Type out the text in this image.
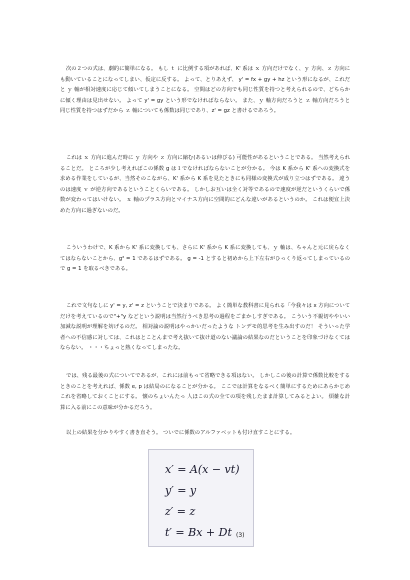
次の２つの式は、劇的に簡単になる。 もし ｔ に比例する項があれば、K' 系は ｘ 方向だけでなく、ｙ 方向、ｚ 方向にも動いていることになってしまい、仮定に反する。 よって、とりあえず、 y' = fx + gy + hz という形になるが、これだと ｙ 軸が相対速度に応じて傾いてしまうことになる。 空間はどの方向でも同じ性質を持つと考えられるので、どちらかに傾く理由は見出せない。 よって y' = gy という形でなければならない。 また、ｙ 軸方向だろうと ｚ 軸方向だろうと同じ性質を持つはずだから ｚ 軸についても係数は同じであり、z' = gz と書けるであろう。

これは ｘ 方向に進んだ時に ｙ 方向や ｚ 方向に縮む(あるいは伸びる) 可能性があるということである。 当然考えられることだ。 ところが少し考えればこの係数 g は１でなければならないことが分かる。 今は K 系から K' 系への変換式を求める作業をしているが、当然そのこながら、K' 系から K 系を見たときにも同様の変換式が成り立つはずである。 違うのは速度 ｖ が逆方向であるということくらいである。 しかしお互いは全く対等であるので速度が逆だというくらいで係数が変わってはいけない。 ｘ 軸のプラス方向とマイナス方向に空間的にどんな違いがあるというのか。 これは便宜上決めた方向に過ぎないのだ。

こういうわけで、K 系から K' 系に変換しても、さらに K' 系から K 系に変換しても、ｙ 軸は、ちゃんと元に戻らなくてはならないことから、g² = 1 であるはずである。 g = -1 とすると初めから上下左右がひっくり返ってしまっているので g = 1 を取るべきである。

これで文句なしに y' = y, z' = z ということで決まりである。 よく簡単な教科書に見られる「今我々は x 方向についてだけを考えているので"+"y などという説明は当然行うべき思考の過程をごまかしすぎである。 こういう不親切ややいい加減な説明が理解を妨げるのだ。 相対論の説明はやっかいだったような トンデモ的思考を生み出すのだ！ そういった学者への不信感に対しては、これはとことんまで考え抜いて抜け道のない議論の結果なのだということを印象づけなくてはならない。 ・・・ちょっと熱くなってしまったな。

では、残る最後の式についてであるが、これには前もって省略できる項はない。 しかしこの後の計算で係数比較をするときのことを考えれば、係数 e, p は結局のになることが分かる。 ここでは計算をなるべく簡単にするためにあらかじめこれを省略しておくことにする。 懐のちょいんたっ 人ほこの式の全ての項を残したまま計算してみるとよい。 煩雑な計算に入る前にこの意味が分かるだろう。

以上の結果を分かりやすく書き直そう。 ついでに係数のアルファベットも付け直すことにする。

x′ = A(x − vt)

y′ = y

z′ = z

t′ = Bx + Dt (3)
